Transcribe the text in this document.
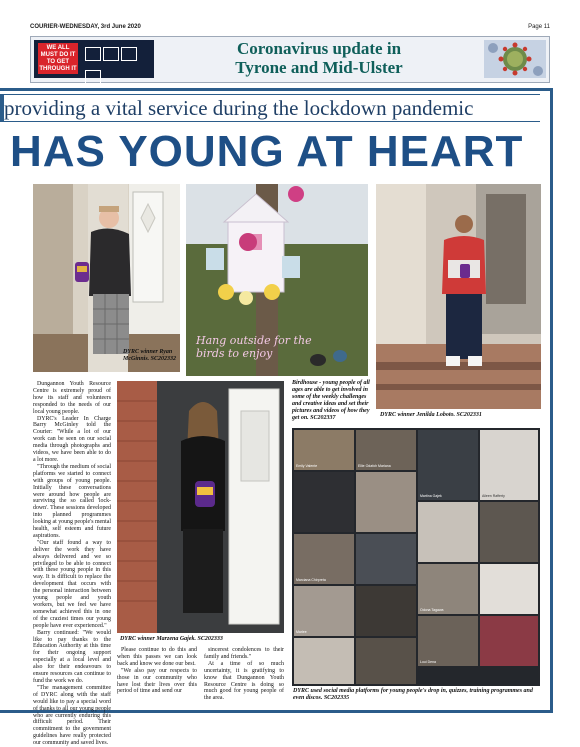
COURIER-WEDNESDAY, 3rd June 2020	Page 11
WE ALL MUST DO IT TO GET THROUGH IT
Coronavirus update in
Tyrone and Mid-Ulster
providing a vital service during the lockdown pandemic
HAS YOUNG AT HEART
DYRC winner Ryan McGinnis. SC202332
Hang outside for the birds to enjoy
Birdhouse - young people of all ages are able to get involved in some of the weekly challenges and creative ideas and set their pictures and videos of how they get on. SC202337	DYRC winner Jenilda Loboto. SC202331

Dungannon Youth Resource Centre is extremely proud of how its staff and volunteers responded to the needs of our local young people.

DYRC's Leader In Charge Barry McGinley told the Courier: "While a lot of our work can be seen on our social media through photographs and videos, we have been able to do a lot more.

"Through the medium of social platforms we started to connect with groups of young people. Initially these conversations were around how people are surviving the so called 'lock-down'. These sessions developed into planned programmes looking at young people's mental health, self esteem and future aspirations.

"Our staff found a way to deliver the work they have always delivered and we so privileged to be able to connect with these young people in this way. It is difficult to replace the development that occurs with the personal interaction between young people and youth workers, but we feel we have somewhat achieved this in one of the craziest times our young people have ever experienced."

Barry continued: "We would like to pay thanks to the Education Authority at this time for their ongoing support especially at a local level and also for their endeavours to ensure resources can continue to fund the work we do.

"The management committee of DYRC along with the staff would like to pay a special word of thanks to all our young people who are currently enduring this difficult period. Their commitment to the government guidelines have really protected our community and saved lives.

DYRC winner Marzena Gajek. SC202333

Please continue to do this and when this passes we can look back and know we done our best.

"We also pay our respects to those in our community who have lost their lives over this period of time and send our

sincerest condolences to their family and friends."

At a time of so much uncertainty, it is gratifying to know that Dungannon Youth Resource Centre is doing so much good for young people of the area.

Emily Valente	Ellie Odafoh Mariana
Martina Gajek	Aileen Rafferty
Marciana Chirpreta
Odona Tagawa
Marlee
Loui Dena
DYRC used social media platforms for young people's drop in, quizzes, training programmes and even discos. SC202335
